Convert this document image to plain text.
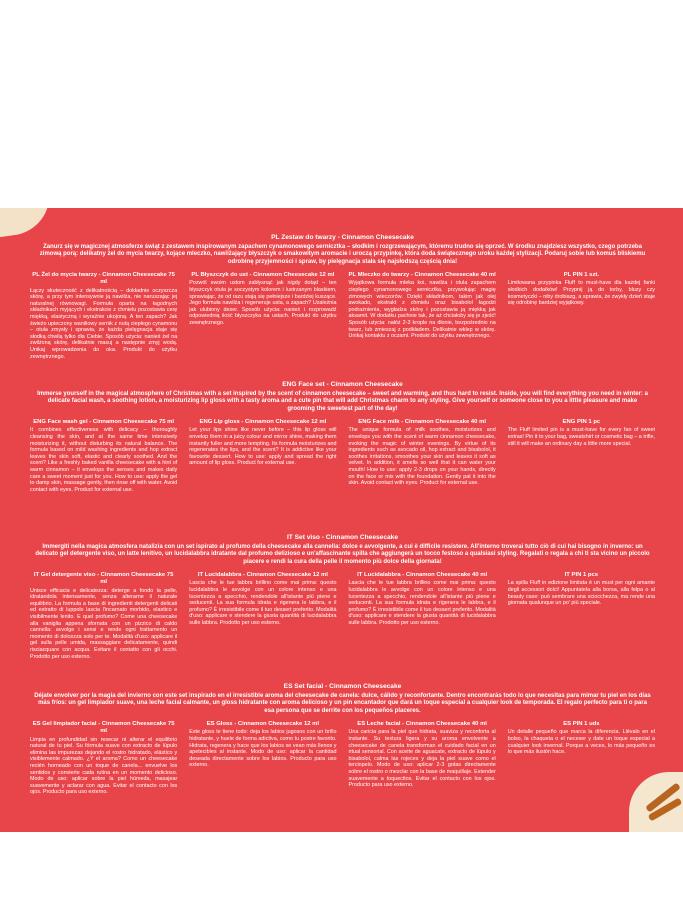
PL Zestaw do twarzy - Cinnamon Cheesecake

Zanurz się w magicznej atmosferze świąt z zestawem inspirowanym zapachem cynamonowego sernicztka – słodkim i rozgrzewającym, któremu trudno się oprzeć. W środku znajdziesz wszystko, czego potrzeba zimową porą: delikatny żel do mycia twarzy, kojące mleczko, nawilżający błyszczyk o smakowitym aromacie i uroczą przypinkę, która doda świątecznego uroku każdej stylizacji. Podaruj sobie lub komuś bliskiemu odrobinę przyjemności i spraw, by pielęgnacja stała się najsłodszą częścią dnia!

PL Żel do mycia twarzy - Cinnamon Cheesecake 75 ml

Łączy skuteczność z delikatnością – dokładnie oczyszcza skórę, a przy tym intensywnie ją nawilża, nie naruszając jej naturalnej równowagi. Formuła oparta na łagodnych składnikach myjących i ekstrakcie z chmielu pozostawia cerę miękką, elastyczną i wyraźnie ukojoną. A ten zapach? Jak świeżo upieczony waniliowy sernik z nutą ciepłego cynamonu – otula zmysły i sprawia, że każda pielęgnacja staje się słodką chwilą tylko dla Ciebie. Sposób użycia: nanieś żel na zwilżoną skórę, delikatnie masuj a następnie zmyj wodą. Unikaj wprowadzenia do oka. Produkt do użytku zewnętrznego.

PL Błyszczyk do ust - Cinnamon Cheesecake 12 ml

Pozwól swoim ustom zabłysnąć jak nigdy dotąd – ten błyszczyk otula je soczystym kolorem i lustrzanym blaskiem, sprawiając, że od razu stają się pełniejsze i bardziej kuszące. Jego formuła nawilża i regeneruje usta, a zapach? Uzależnia jak ulubiony deser. Sposób użycia: nanieś i rozprowadź odpowiednią ilość błyszczyka na ustach. Produkt do użytku zewnętrznego.

PL Mleczko do twarzy - Cinnamon Cheesecake 40 ml

Wyjątkowa formuła mleka koi, nawilża i otula zapachem ciepłego cynamonowego sernicztka, przywołując magię zimowych wieczorów. Dzięki składnikom, takim jak olej awokado, ekstrakt z chmielu oraz bisabolol łagodzi podrażnienia, wygładza skórę i pozostawia ją miękką jak aksamit. W dodatku pachnie tak, że aż chciałoby się je zjeść! Sposób użycia: nałóż 2-3 krople na dłonie, bezpośrednio na twarz, lub zmieszaj z podkładem. Delikatnie wklep w skórę. Unikaj kontaktu z oczami. Produkt do użytku zewnętrznego.

PL PIN 1 szt.

Limitowana przypinka Fluff to must-have dla każdej fanki słodkich dodatków! Przypnij ją do torby, bluzy czy kosmetyczki – niby drobiazg, a sprawia, że zwykły dzień staje się odrobinę bardziej wyjątkowy.

ENG Face set - Cinnamon Cheesecake

Immerse yourself in the magical atmosphere of Christmas with a set inspired by the scent of cinnamon cheesecake – sweet and warming, and thus hard to resist. Inside, you will find everything you need in winter: a delicate facial wash, a soothing lotion, a moisturizing lip gloss with a tasty aroma and a cute pin that will add Christmas charm to any styling. Give yourself or someone close to you a little pleasure and make grooming the sweetest part of the day!

ENG Face wash gel - Cinnamon Cheesecake 75 ml

It combines effectiveness with delicacy – thoroughly cleansing the skin, and at the same time intensively moisturizing it, without disturbing its natural balance. The formula based on mild washing ingredients and hop extract leaves the skin soft, elastic and clearly soothed. And the scent? Like a freshly baked vanilla cheesecake with a hint of warm cinnamon – it envelops the senses and makes daily care a sweet moment just for you. How to use: apply the gel to damp skin, massage gently, then rinse off with water. Avoid contact with eyes. Product for external use.

ENG Lip gloss - Cinnamon Cheesecake 12 ml

Let your lips shine like never before – this lip gloss will envelop them in a juicy colour and mirror shine, making them instantly fuller and more tempting. Its formula moisturizes and regenerates the lips, and the scent? It is addictive like your favourite dessert. How to use: apply and spread the right amount of lip gloss. Product for external use.

ENG Face milk - Cinnamon Cheesecake 40 ml

The unique formula of milk soothes, moisturizes and envelops you with the scent of warm cinnamon cheesecake, evoking the magic of winter evenings. By virtue of its ingredients such as avocado oil, hop extract and bisabolol, it soothes irritations, smoothes your skin and leaves it soft as velvet. In addition, it smells so well that it can water your mouth! How to use: apply 2-3 drops on your hands, directly on the face or mix with the foundation. Gently pat it into the skin. Avoid contact with eyes. Product for external use.

ENG PIN 1 pc

The Fluff limited pin is a must-have for every fan of sweet extras! Pin it to your bag, sweatshirt or cosmetic bag – a trifle, still it will make an ordinary day a little more special.

IT Set viso - Cinnamon Cheesecake

Immergiti nella magica atmosfera natalizia con un set ispirato al profumo della cheesecake alla cannella: dolce e avvolgente, a cui è difficile resistere. All'interno troverai tutto ciò di cui hai bisogno in inverno: un delicato gel detergente viso, un latte lenitivo, un lucidalabbra idratante dal profumo delizioso e un'affascinante spilla che aggiungerà un tocco festoso a qualsiasi styling. Regalati o regala a chi ti sta vicino un piccolo piacere e rendi la cura della pelle il momento più dolce della giornata!

IT Gel detergente viso - Cinnamon Cheesecake 75 ml

Unisce efficacia e delicatezza: deterge a fondo la pelle, idratandola intensamente, senza alterarne il naturale equilibrio. La formula a base di ingredienti detergenti delicati ed estratto di luppolo lascia l'incarnato morbido, elastico e visibilmente lenito. E quel profumo? Come una cheesecake alla vaniglia appena sfornata con un pizzico di caldo cannella: avvolge i sensi e rende ogni trattamento un momento di dolcezza solo per te. Modalità d'uso: applicare il gel sulla pelle umida, massaggiare delicatamente, quindi risciacquare con acqua. Evitare il contatto con gli occhi. Prodotto per uso esterno.

IT Lucidalabbra - Cinnamon Cheesecake 12 ml

Lascia che le tue labbra brillino come mai prima: questo lucidalabbra le avvolge con un colore intenso e una lucentezza a specchio, rendendole all'istante più piene e seducenti. La sua formula idrata e rigenera le labbra, e il profumo? È irresistibile come il tuo dessert preferito. Modalità d'uso: applicare e stendere la giusta quantità di lucidalabbra sulle labbra. Prodotto per uso esterno.

IT Lucidalabbra - Cinnamon Cheesecake 40 ml

Lascia che le tue labbra brillino come mai prima: questo lucidalabbra le avvolge con un colore intenso e una lucentezza a specchio, rendendole all'istante più piene e seducenti. La sua formula idrata e rigenera le labbra, e il profumo? È irresistibile come il tuo dessert preferito. Modalità d'uso: applicare e stendere la giusta quantità di lucidalabbra sulle labbra. Prodotto per uso esterno.

IT PIN 1 pcs

La spilla Fluff in edizione limitata è un must per ogni amante degli accessori dolci! Appuntatela alla borsa, alla felpa o al beauty case: può sembrare una sciocchezza, ma rende una giornata qualunque un po' più speciale.

ES Set facial - Cinnamon Cheesecake

Déjate envolver por la magia del invierno con este set inspirado en el irresistible aroma del cheesecake de canela: dulce, cálido y reconfortante. Dentro encontrarás todo lo que necesitas para mimar tu piel en los días más fríos: un gel limpiador suave, una leche facial calmante, un gloss hidratante con aroma delicioso y un pin encantador que dará un toque especial a cualquier look de temporada. El regalo perfecto para ti o para esa persona que se derrite con los pequeños placeres.

ES Gel limpiador facial - Cinnamon Cheesecake 75 ml

Limpia en profundidad sin resecar ni alterar el equilibrio natural de tu piel. Su fórmula suave con extracto de lúpulo elimina las impurezas dejando el rostro hidratado, elástico y visiblemente calmado. ¿Y el aroma? Como un cheesecake recién horneado con un toque de canela... envuelve los sentidos y convierte cada rutina en un momento delicioso. Modo de uso: aplicar sobre la piel húmeda, masajear suavemente y aclarar con agua. Evitar el contacto con los ojos. Producto para uso externo.

ES Gloss - Cinnamon Cheesecake 12 ml

Este gloss te tiene todo: deja los labios jugosos con un brillo hidratante, y huele de forma adictiva, como tu postre favorito. Hidrata, regenera y hace que los labios se vean más llenos y apetecibles al instante. Modo de uso: aplicar la cantidad deseada directamente sobre los labios. Producto para uso externo.

ES Leche facial - Cinnamon Cheesecake 40 ml

Una caricia para la piel que hidrata, suaviza y reconforta al instante. Su textura ligera y su aroma envolvente a cheesecake de canela transforman el cuidado facial en un ritual sensorial. Con aceite de aguacate, extracto de lúpulo y bisabolol, calma las rojeces y deja la piel suave como el terciopelo. Modo de uso: aplicar 2-3 gotas directamente sobre el rostro o mezclar con la base de maquillaje. Extender suavemente a toquecitos. Evitar el contacto con los ojos. Producto para uso externo.

ES PIN 1 uds

Un detalle pequeño que marca la diferencia. Llévalo en el bolso, la chaqueta o el neceser y date un toque especial a cualquier look invernal. Porque a veces, lo más pequeño es lo que más ilusión hace.
